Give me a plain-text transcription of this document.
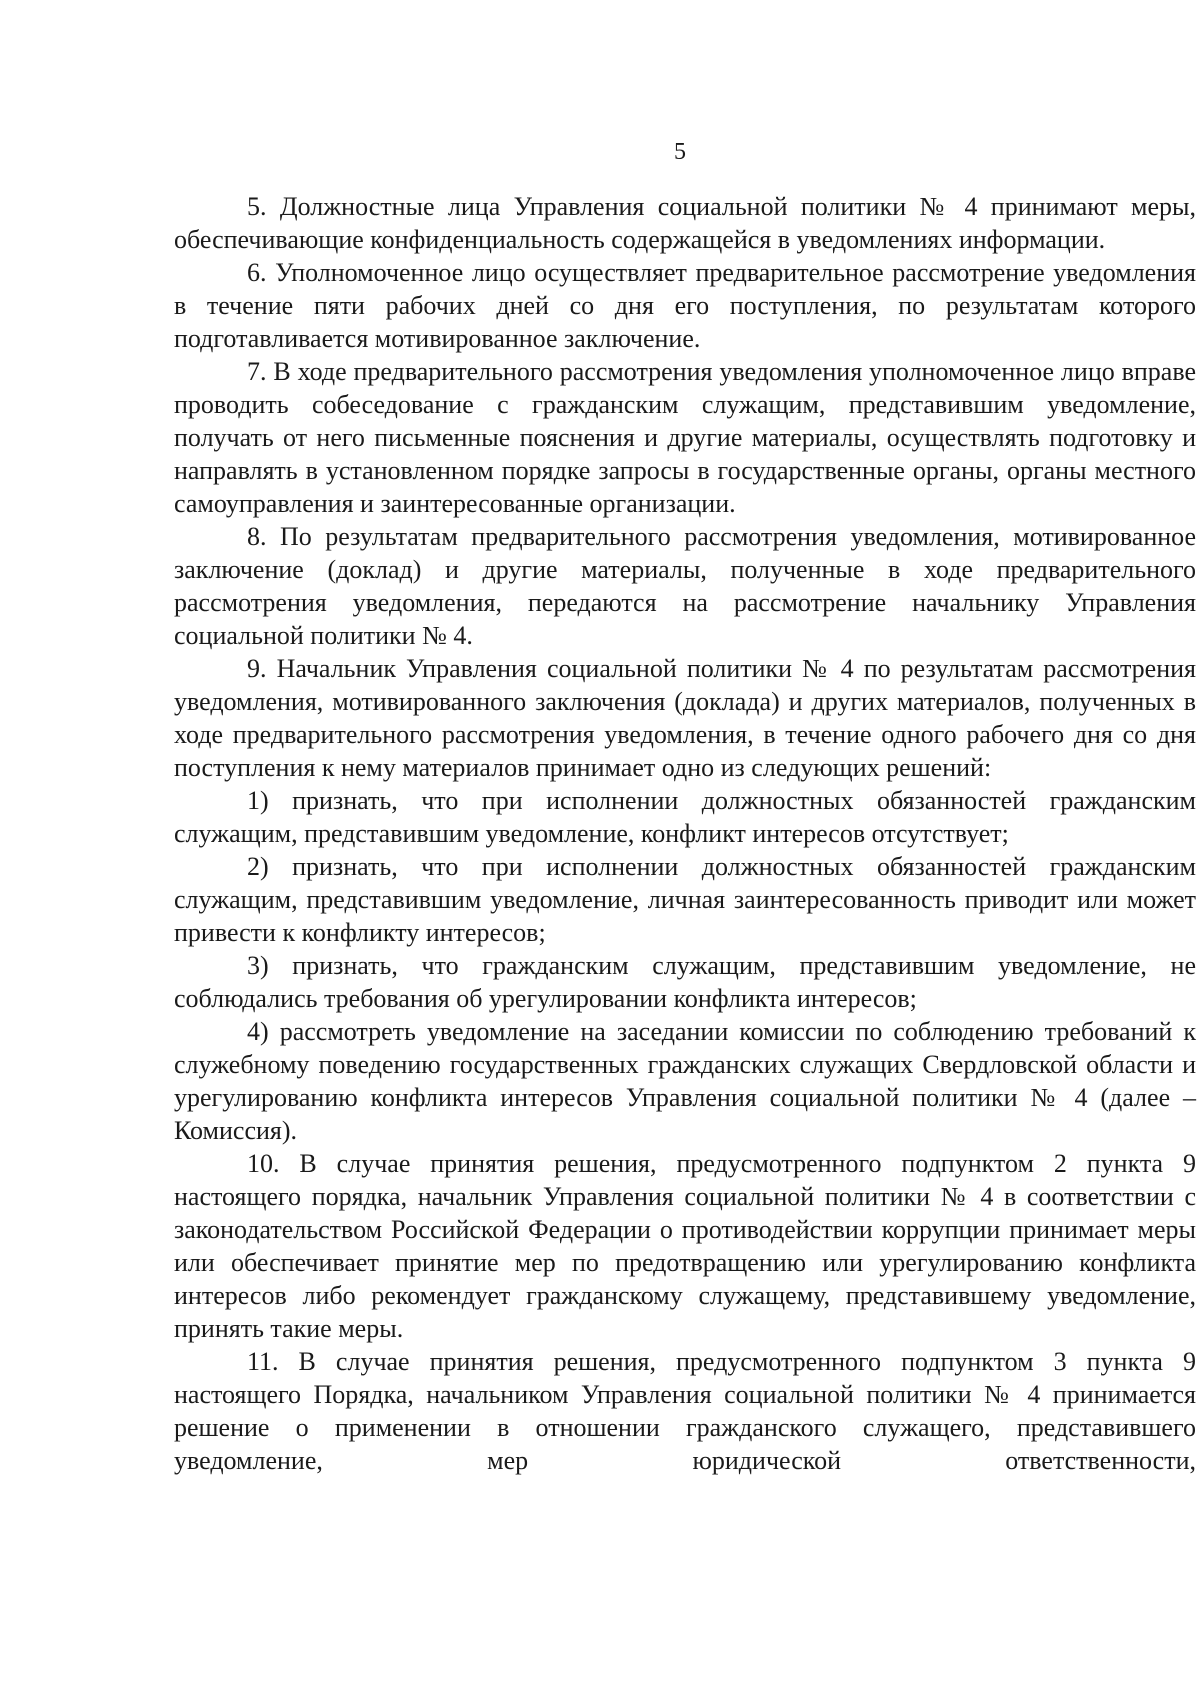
5

5. Должностные лица Управления социальной политики № 4 принимают меры, обеспечивающие конфиденциальность содержащейся в уведомлениях информации.

6. Уполномоченное лицо осуществляет предварительное рассмотрение уведомления в течение пяти рабочих дней со дня его поступления, по результатам которого подготавливается мотивированное заключение.

7. В ходе предварительного рассмотрения уведомления уполномоченное лицо вправе проводить собеседование с гражданским служащим, представившим уведомление, получать от него письменные пояснения и другие материалы, осуществлять подготовку и направлять в установленном порядке запросы в государственные органы, органы местного самоуправления и заинтересованные организации.

8. По результатам предварительного рассмотрения уведомления, мотивированное заключение (доклад) и другие материалы, полученные в ходе предварительного рассмотрения уведомления, передаются на рассмотрение начальнику Управления социальной политики № 4.

9. Начальник Управления социальной политики № 4 по результатам рассмотрения уведомления, мотивированного заключения (доклада) и других материалов, полученных в ходе предварительного рассмотрения уведомления, в течение одного рабочего дня со дня поступления к нему материалов принимает одно из следующих решений:

1) признать, что при исполнении должностных обязанностей гражданским служащим, представившим уведомление, конфликт интересов отсутствует;

2) признать, что при исполнении должностных обязанностей гражданским служащим, представившим уведомление, личная заинтересованность приводит или может привести к конфликту интересов;

3) признать, что гражданским служащим, представившим уведомление, не соблюдались требования об урегулировании конфликта интересов;

4) рассмотреть уведомление на заседании комиссии по соблюдению требований к служебному поведению государственных гражданских служащих Свердловской области и урегулированию конфликта интересов Управления социальной политики № 4 (далее – Комиссия).

10. В случае принятия решения, предусмотренного подпунктом 2 пункта 9 настоящего порядка, начальник Управления социальной политики № 4 в соответствии с законодательством Российской Федерации о противодействии коррупции принимает меры или обеспечивает принятие мер по предотвращению или урегулированию конфликта интересов либо рекомендует гражданскому служащему, представившему уведомление, принять такие меры.

11. В случае принятия решения, предусмотренного подпунктом 3 пункта 9 настоящего Порядка, начальником Управления социальной политики № 4 принимается решение о применении в отношении гражданского служащего, представившего уведомление, мер юридической ответственности,
